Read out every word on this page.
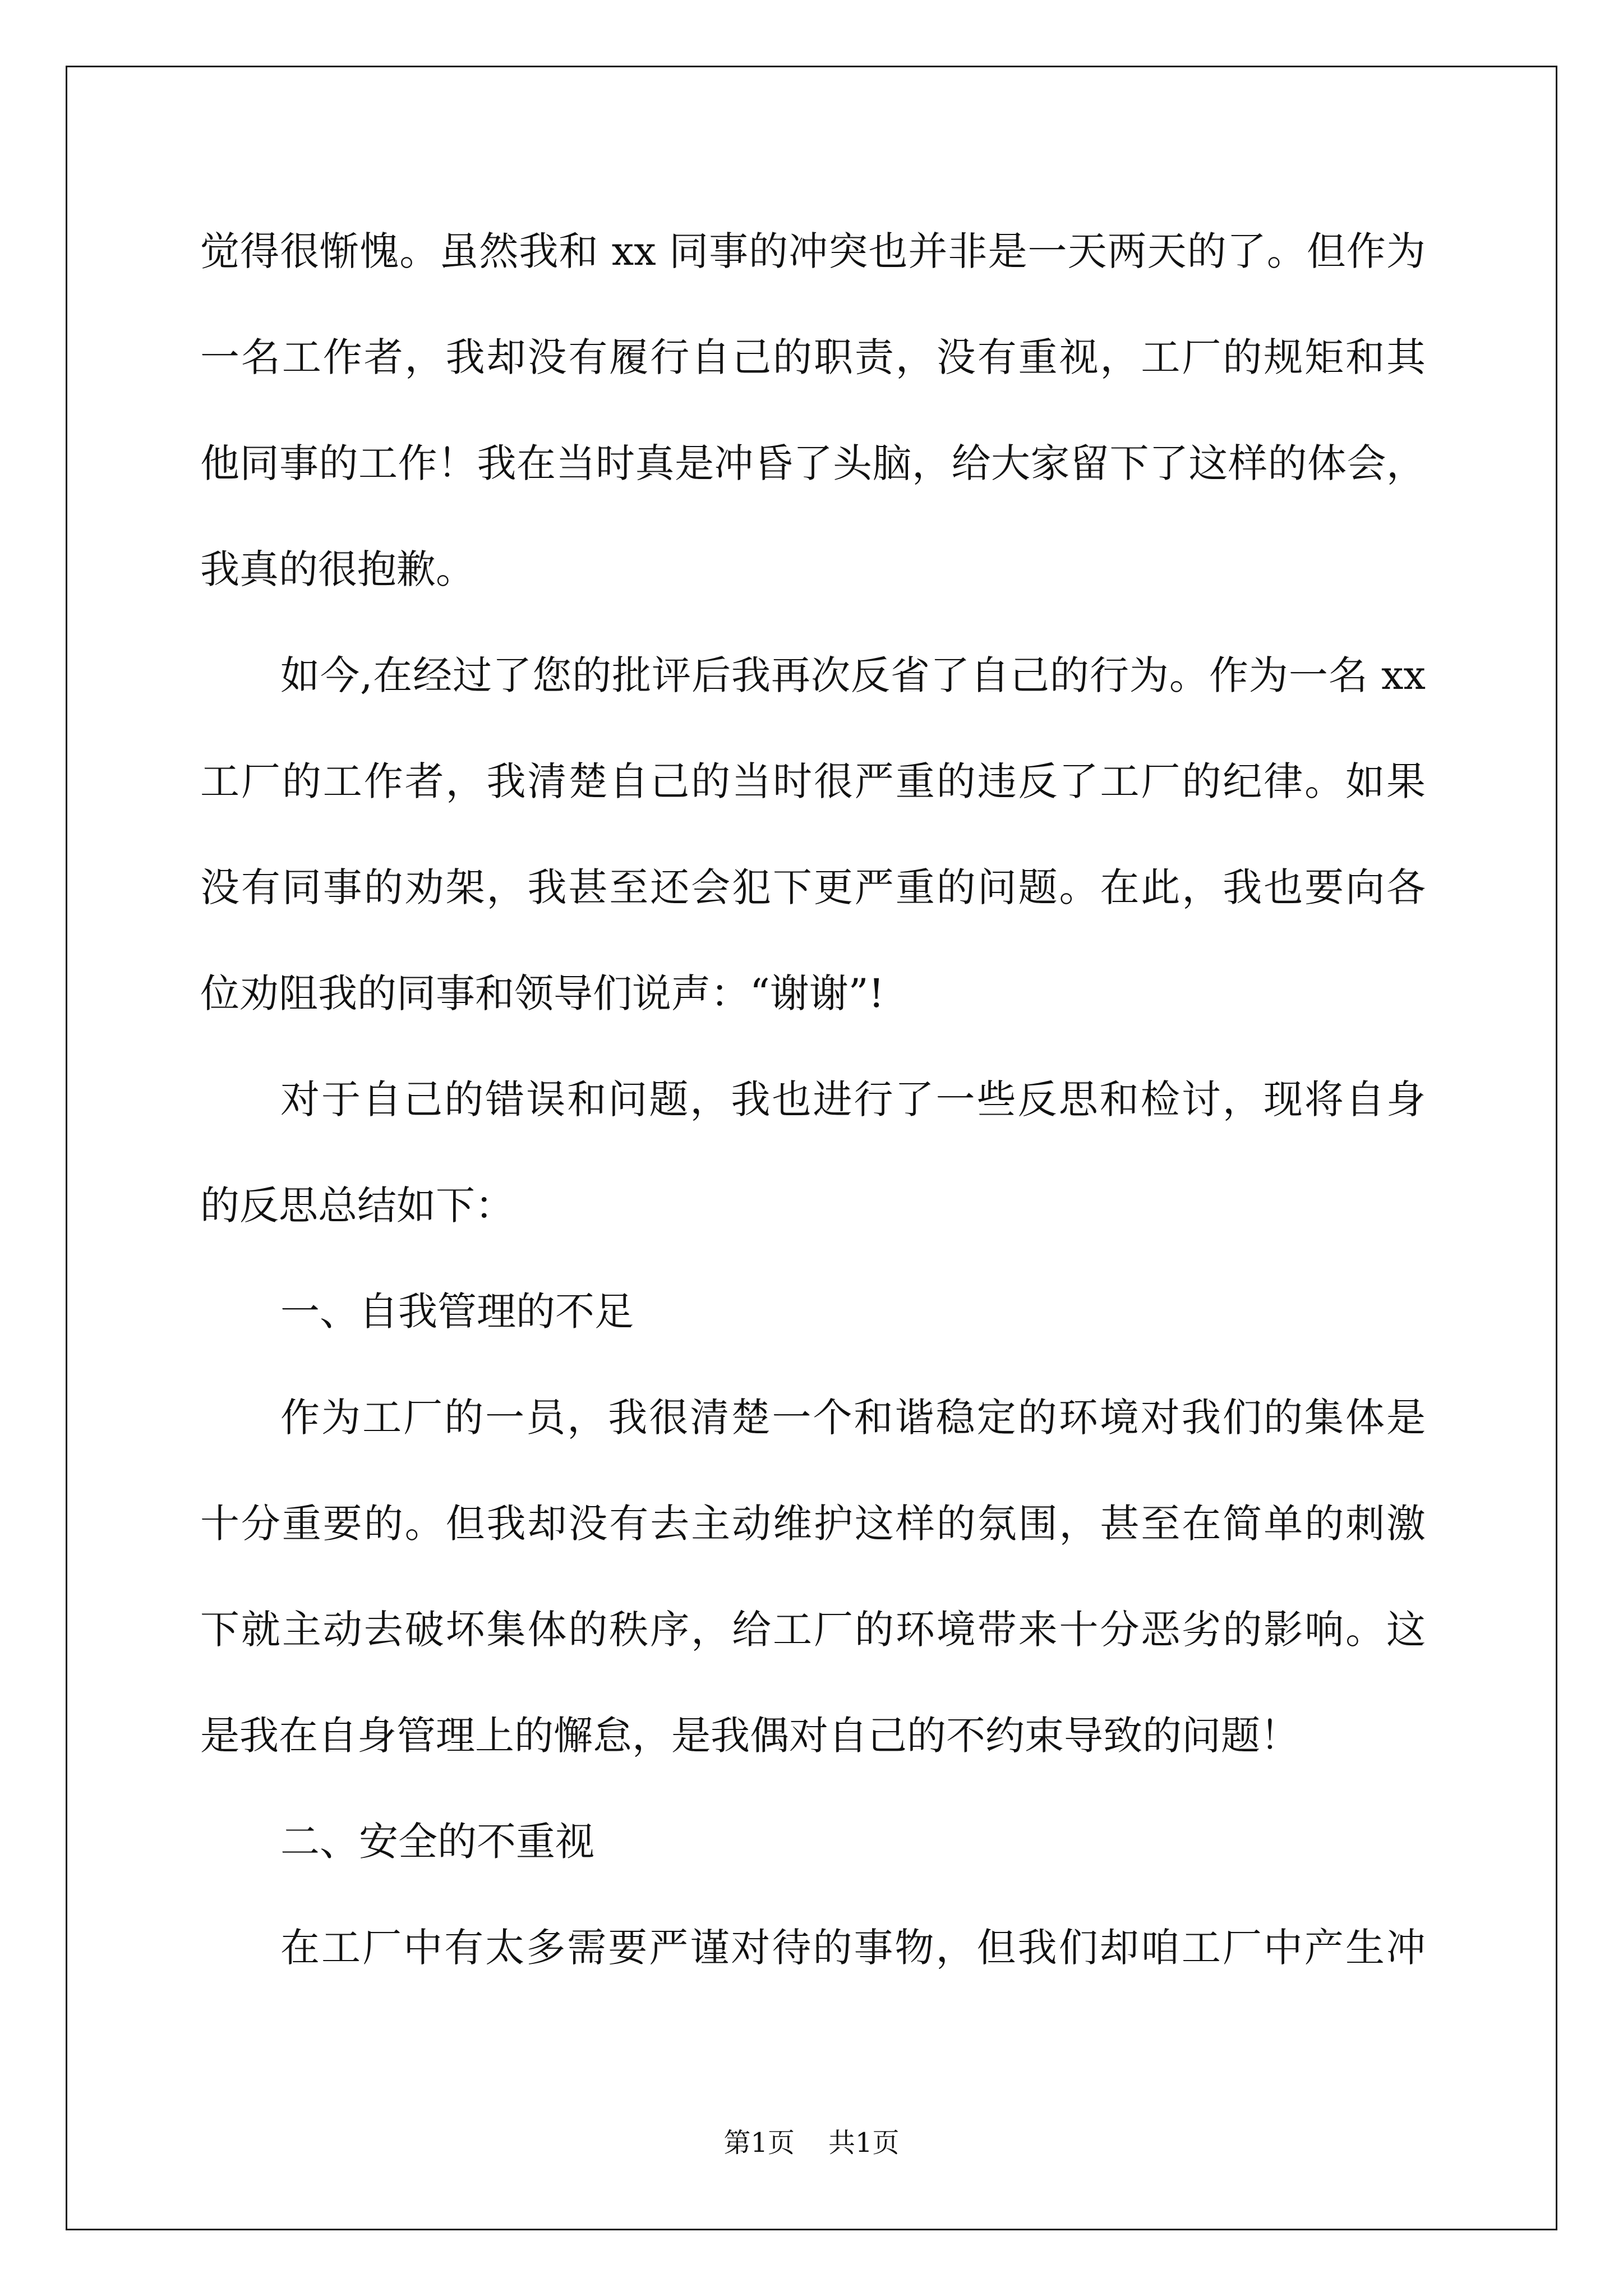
觉得很惭愧。虽然我和 xx 同事的冲突也并非是一天两天的了。但作为
一名工作者，我却没有履行自己的职责，没有重视，工厂的规矩和其
他同事的工作！我在当时真是冲昏了头脑，给大家留下了这样的体会，
我真的很抱歉。
如今,在经过了您的批评后我再次反省了自己的行为。作为一名 xx
工厂的工作者，我清楚自己的当时很严重的违反了工厂的纪律。如果
没有同事的劝架，我甚至还会犯下更严重的问题。在此，我也要向各
位劝阻我的同事和领导们说声：“谢谢”!
对于自己的错误和问题，我也进行了一些反思和检讨，现将自身
的反思总结如下：
一、自我管理的不足
作为工厂的一员，我很清楚一个和谐稳定的环境对我们的集体是
十分重要的。但我却没有去主动维护这样的氛围，甚至在简单的刺激
下就主动去破坏集体的秩序，给工厂的环境带来十分恶劣的影响。这
是我在自身管理上的懈怠，是我偶对自己的不约束导致的问题！
二、安全的不重视
在工厂中有太多需要严谨对待的事物，但我们却咱工厂中产生冲
第1页 共1页
